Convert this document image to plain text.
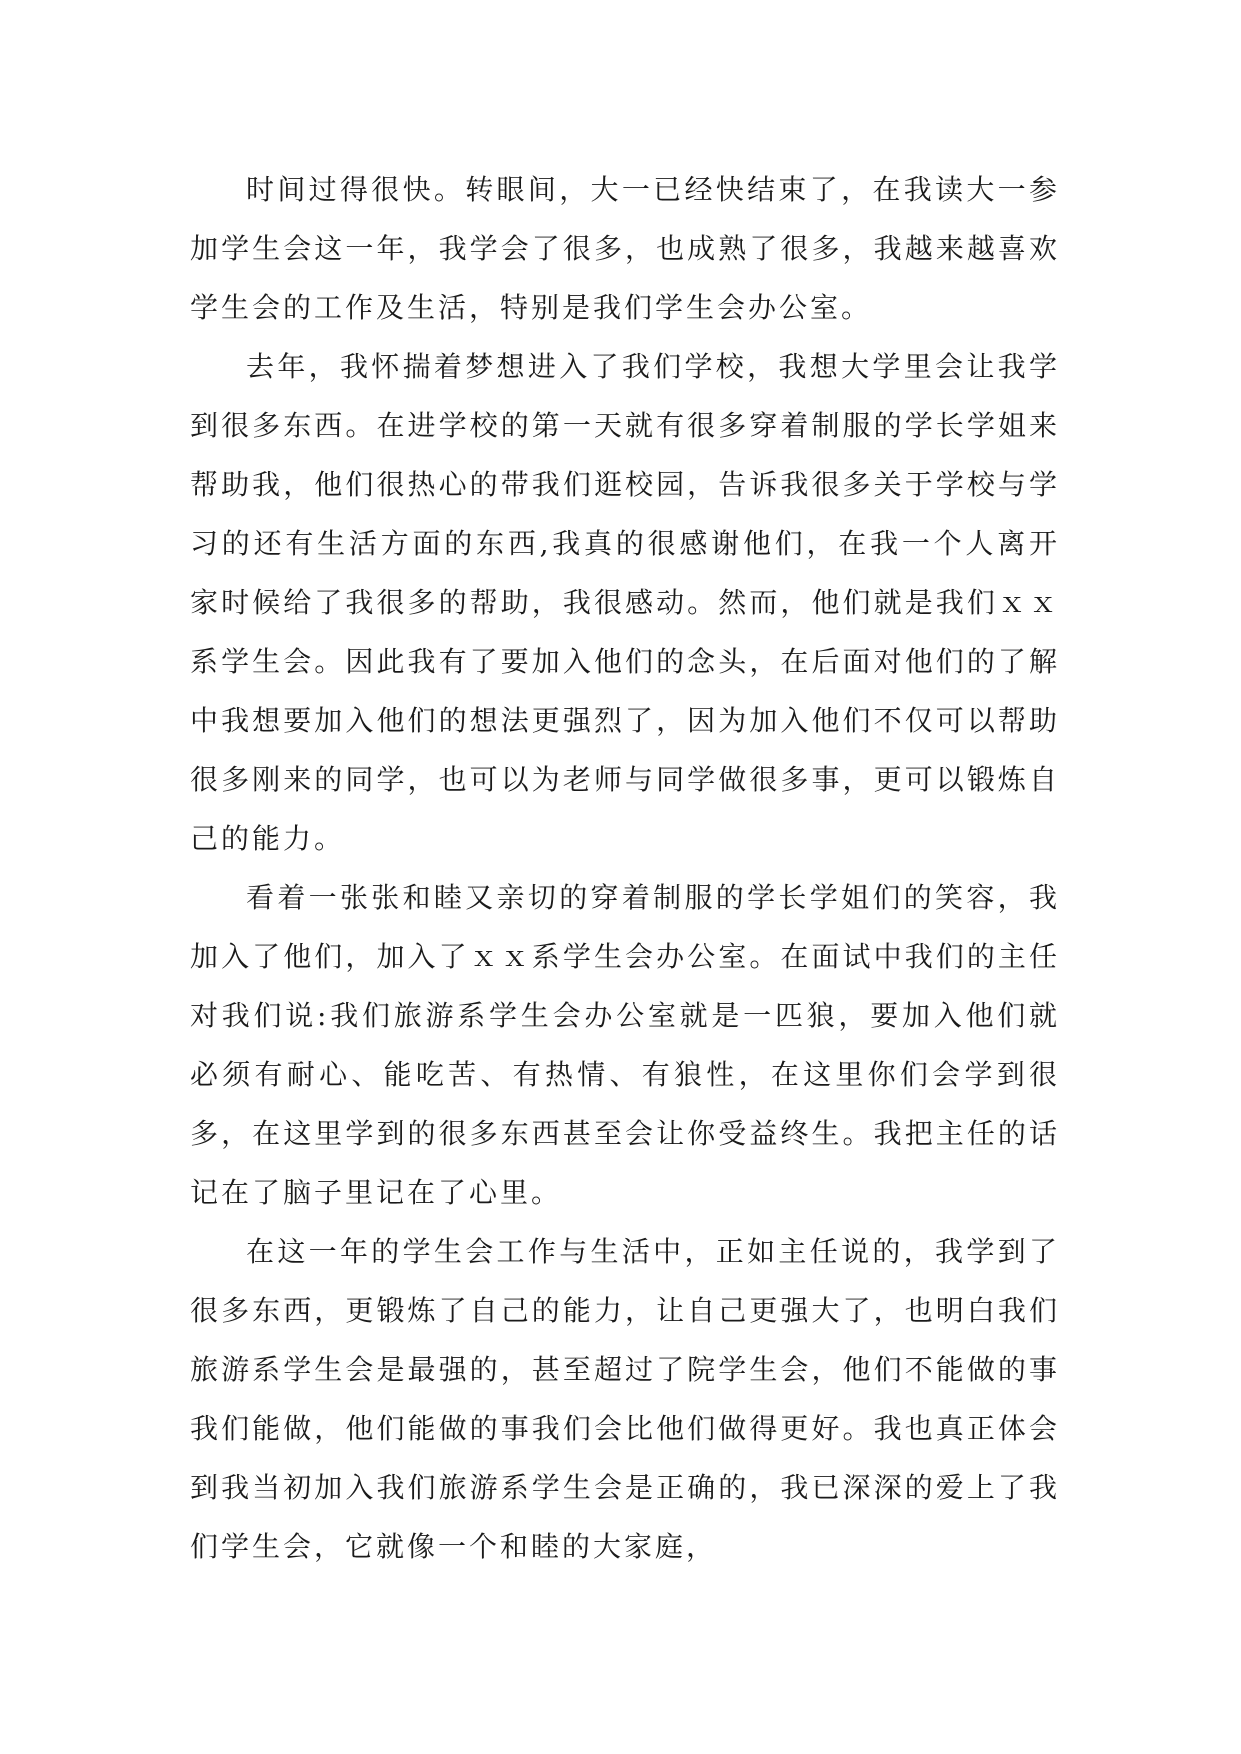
时间过得很快。转眼间，大一已经快结束了，在我读大一参加学生会这一年，我学会了很多，也成熟了很多，我越来越喜欢学生会的工作及生活，特别是我们学生会办公室。

去年，我怀揣着梦想进入了我们学校，我想大学里会让我学到很多东西。在进学校的第一天就有很多穿着制服的学长学姐来帮助我，他们很热心的带我们逛校园，告诉我很多关于学校与学习的还有生活方面的东西,我真的很感谢他们，在我一个人离开家时候给了我很多的帮助，我很感动。然而，他们就是我们ｘｘ系学生会。因此我有了要加入他们的念头，在后面对他们的了解中我想要加入他们的想法更强烈了，因为加入他们不仅可以帮助很多刚来的同学，也可以为老师与同学做很多事，更可以锻炼自己的能力。

看着一张张和睦又亲切的穿着制服的学长学姐们的笑容，我加入了他们，加入了ｘｘ系学生会办公室。在面试中我们的主任对我们说:我们旅游系学生会办公室就是一匹狼，要加入他们就必须有耐心、能吃苦、有热情、有狼性，在这里你们会学到很多，在这里学到的很多东西甚至会让你受益终生。我把主任的话记在了脑子里记在了心里。

在这一年的学生会工作与生活中，正如主任说的，我学到了很多东西，更锻炼了自己的能力，让自己更强大了，也明白我们旅游系学生会是最强的，甚至超过了院学生会，他们不能做的事我们能做，他们能做的事我们会比他们做得更好。我也真正体会到我当初加入我们旅游系学生会是正确的，我已深深的爱上了我们学生会，它就像一个和睦的大家庭，
